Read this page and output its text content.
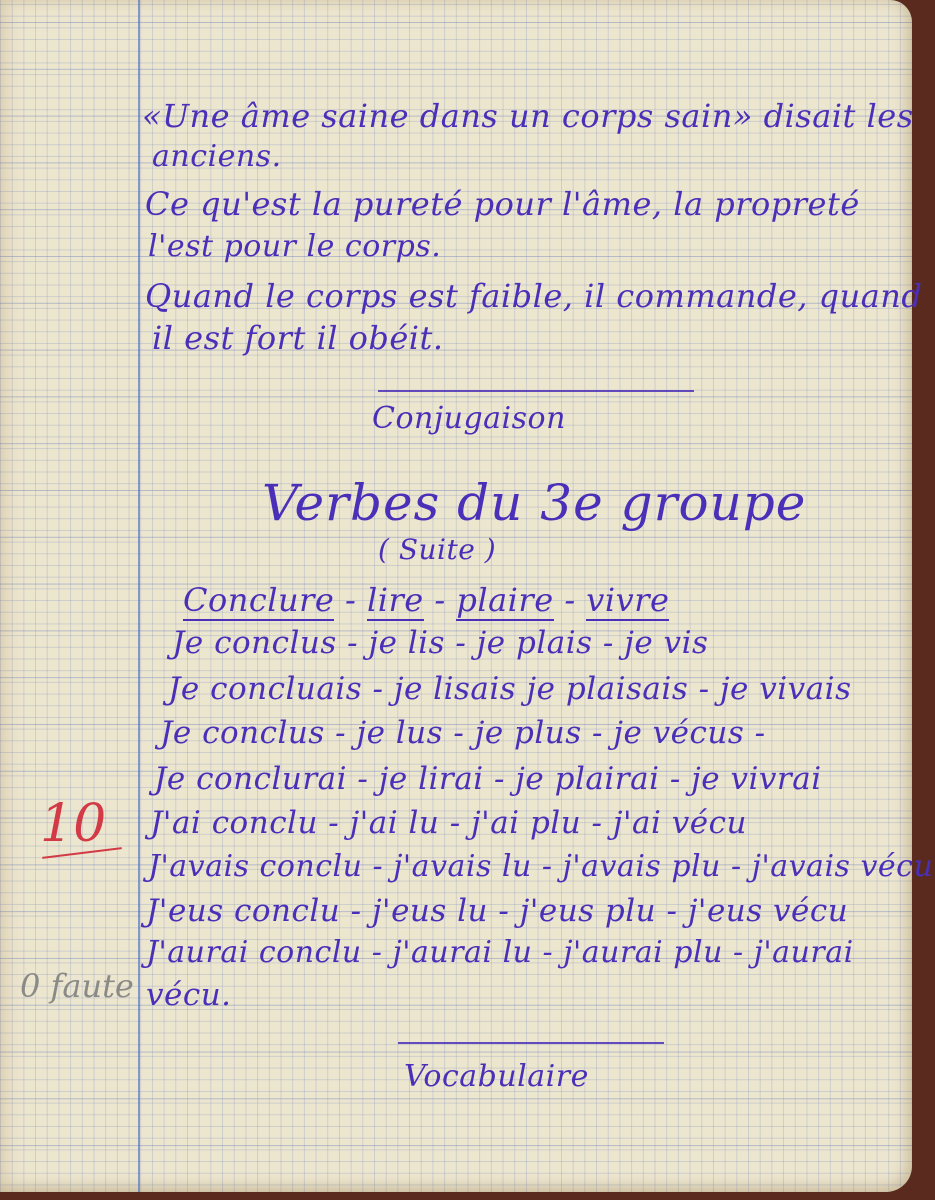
«Une âme saine dans un corps sain» disait les
anciens.
Ce qu'est la pureté pour l'âme, la propreté
l'est pour le corps.
Quand le corps est faible, il commande, quand
il est fort il obéit.
Conjugaison
Verbes du 3e groupe
( Suite )
Conclure - lire - plaire - vivre
Je conclus - je lis - je plais - je vis
Je concluais - je lisais je plaisais - je vivais
Je conclus - je lus - je plus - je vécus -
Je conclurai - je lirai - je plairai - je vivrai
J'ai conclu - j'ai lu - j'ai plu - j'ai vécu
J'avais conclu - j'avais lu - j'avais plu - j'avais vécu
J'eus conclu - j'eus lu - j'eus plu - j'eus vécu
J'aurai conclu - j'aurai lu - j'aurai plu - j'aurai
vécu.
10
0 faute
Vocabulaire
